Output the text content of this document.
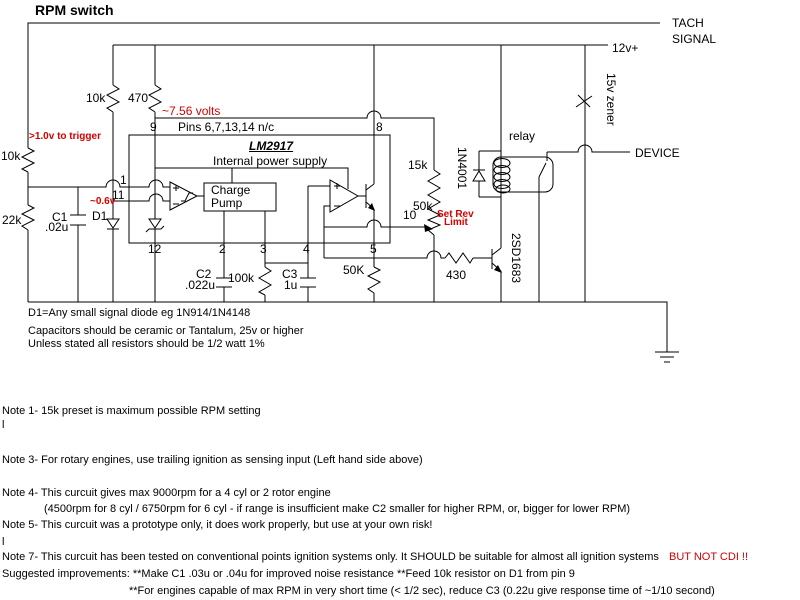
RPM switch
TACH
SIGNAL
12v+
DEVICE
10k 470
~7.56 volts
9 Pins 6,7,13,14 n/c	8
>1.0v to trigger
10k
22k
LM2917
Internal power supply
1
11
~0.6v
C1
.02u
D1
Charge
Pump
12	2	3	4	5
10
15k
50k
Set Rev
Limit
relay
1N4001
2SD1683
15v zener
C2
.022u 100k C3
1u
50K	430
D1=Any small signal diode eg 1N914/1N4148
Capacitors should be ceramic or Tantalum, 25v or higher
Unless stated all resistors should be 1/2 watt 1%
Note 1- 15k preset is maximum possible RPM setting
l
Note 3- For rotary engines, use trailing ignition as sensing input (Left hand side above)
Note 4- This curcuit gives max 9000rpm for a 4 cyl or 2 rotor engine
(4500rpm for 8 cyl / 6750rpm for 6 cyl - if range is insufficient make C2 smaller for higher RPM, or, bigger for lower RPM)
Note 5- This curcuit was a prototype only, it does work properly, but use at your own risk!
l
Note 7- This curcuit has been tested on conventional points ignition systems only. It SHOULD be suitable for almost all ignition systems BUT NOT CDI !!
Suggested improvements: **Make C1 .03u or .04u for improved noise resistance **Feed 10k resistor on D1 from pin 9
**For engines capable of max RPM in very short time (< 1/2 sec), reduce C3 (0.22u give response time of ~1/10 second)
